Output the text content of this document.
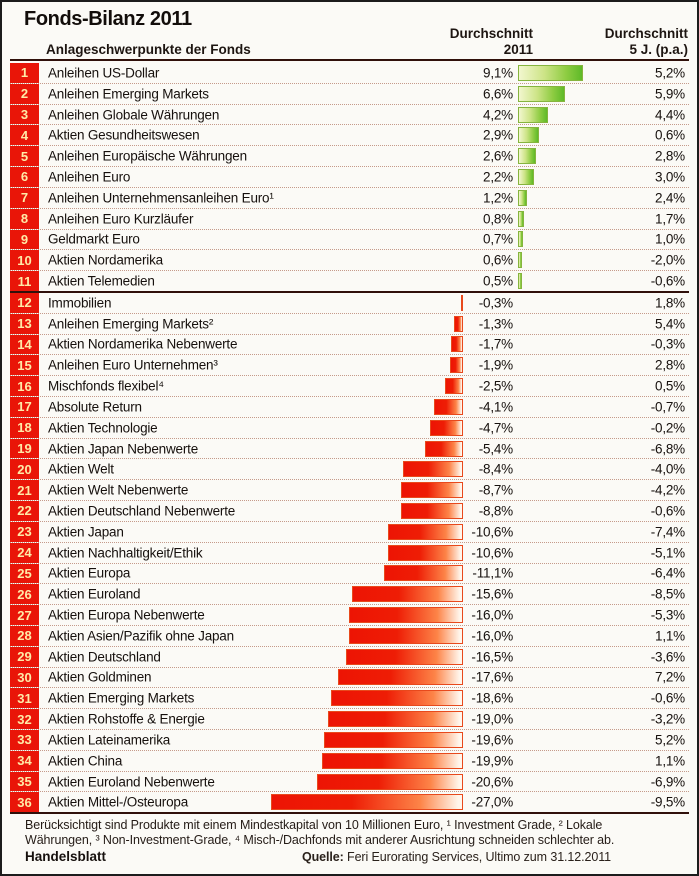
Fonds-Bilanz 2011
Anlageschwerpunkte der Fonds
Durchschnitt
2011
Durchschnitt
5 J. (p.a.)
1	Anleihen US-Dollar	9,1%	5,2%
2	Anleihen Emerging Markets	6,6%	5,9%
3	Anleihen Globale Währungen	4,2%	4,4%
4	Aktien Gesundheitswesen	2,9%	0,6%
5	Anleihen Europäische Währungen	2,6%	2,8%
6	Anleihen Euro	2,2%	3,0%
7	Anleihen Unternehmensanleihen Euro¹	1,2%	2,4%
8	Anleihen Euro Kurzläufer	0,8%	1,7%
9	Geldmarkt Euro	0,7%	1,0%
10	Aktien Nordamerika	0,6%	-2,0%
11	Aktien Telemedien	0,5%	-0,6%
12	Immobilien	-0,3%	1,8%
13	Anleihen Emerging Markets²	-1,3%	5,4%
14	Aktien Nordamerika Nebenwerte	-1,7%	-0,3%
15	Anleihen Euro Unternehmen³	-1,9%	2,8%
16	Mischfonds flexibel⁴	-2,5%	0,5%
17	Absolute Return	-4,1%	-0,7%
18	Aktien Technologie	-4,7%	-0,2%
19	Aktien Japan Nebenwerte	-5,4%	-6,8%
20	Aktien Welt	-8,4%	-4,0%
21	Aktien Welt Nebenwerte	-8,7%	-4,2%
22	Aktien Deutschland Nebenwerte	-8,8%	-0,6%
23	Aktien Japan	-10,6%	-7,4%
24	Aktien Nachhaltigkeit/Ethik	-10,6%	-5,1%
25	Aktien Europa	-11,1%	-6,4%
26	Aktien Euroland	-15,6%	-8,5%
27	Aktien Europa Nebenwerte	-16,0%	-5,3%
28	Aktien Asien/Pazifik ohne Japan	-16,0%	1,1%
29	Aktien Deutschland	-16,5%	-3,6%
30	Aktien Goldminen	-17,6%	7,2%
31	Aktien Emerging Markets	-18,6%	-0,6%
32	Aktien Rohstoffe & Energie	-19,0%	-3,2%
33	Aktien Lateinamerika	-19,6%	5,2%
34	Aktien China	-19,9%	1,1%
35	Aktien Euroland Nebenwerte	-20,6%	-6,9%
36	Aktien Mittel-/Osteuropa	-27,0%	-9,5%
Berücksichtigt sind Produkte mit einem Mindestkapital von 10 Millionen Euro, ¹ Investment Grade, ² Lokale
Währungen, ³ Non-Investment-Grade, ⁴ Misch-/Dachfonds mit anderer Ausrichtung schneiden schlechter ab.
Handelsblatt	Quelle: Feri Eurorating Services, Ultimo zum 31.12.2011
